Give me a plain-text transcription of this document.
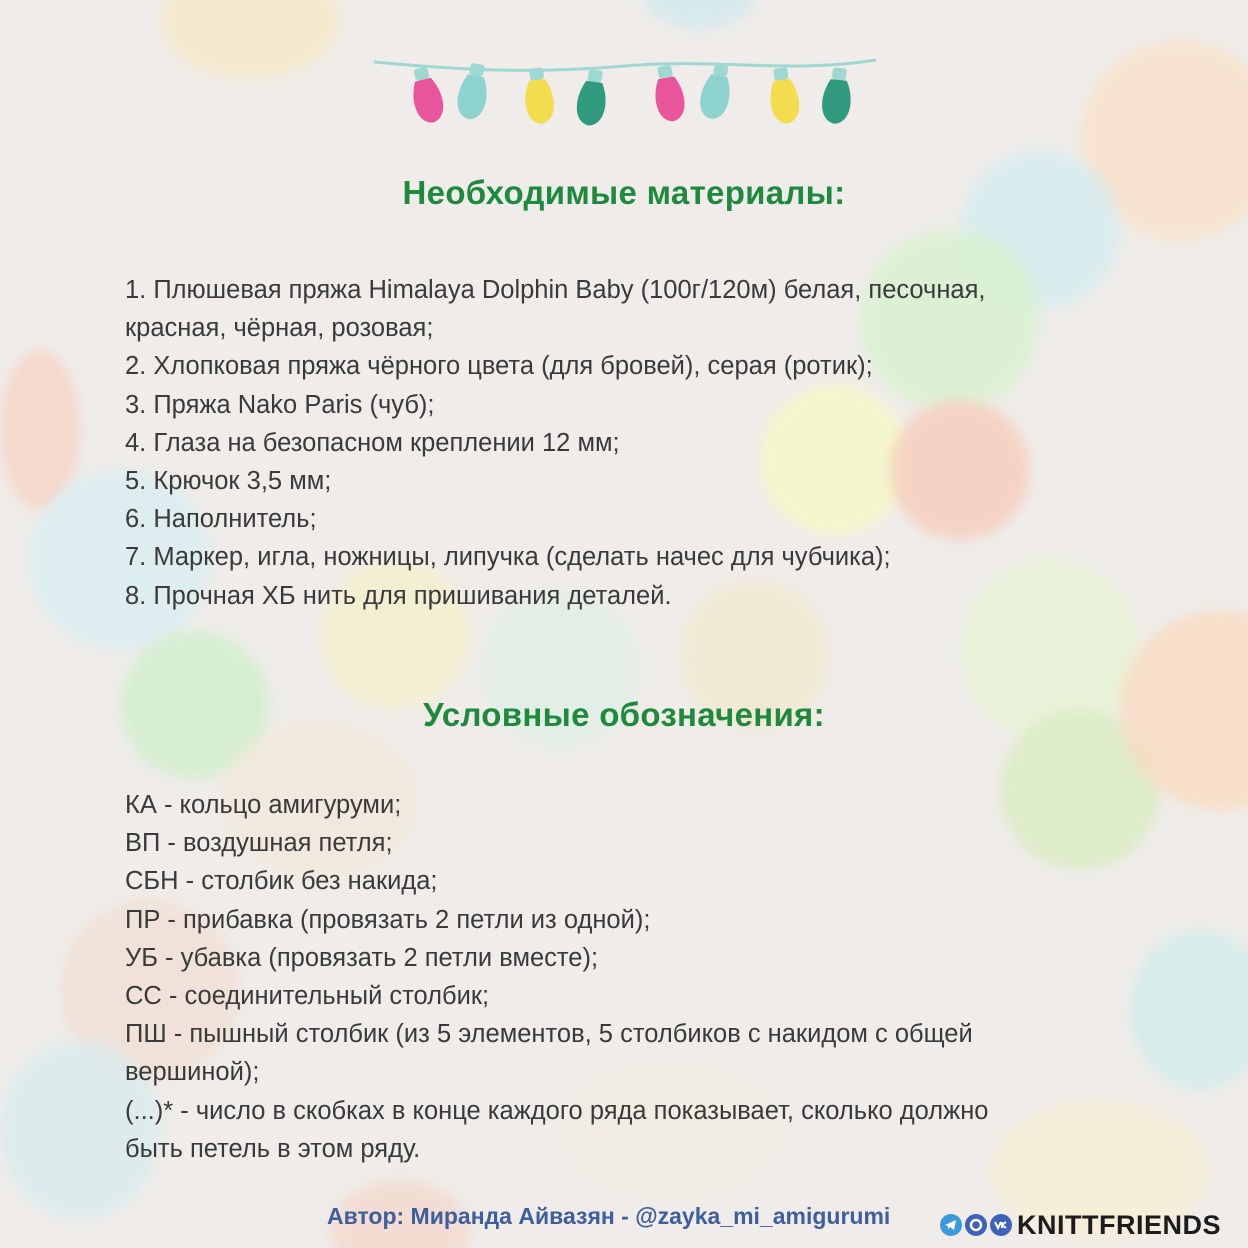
Необходимые материалы:
1. Плюшевая пряжа Himalaya Dolphin Baby (100г/120м) белая, песочная,
красная, чёрная, розовая;
2. Хлопковая пряжа чёрного цвета (для бровей), серая (ротик);
3. Пряжа Nako Paris (чуб);
4. Глаза на безопасном креплении 12 мм;
5. Крючок 3,5 мм;
6. Наполнитель;
7. Маркер, игла, ножницы, липучка (сделать начес для чубчика);
8. Прочная ХБ нить для пришивания деталей.
Условные обозначения:
КА - кольцо амигуруми;
ВП - воздушная петля;
СБН - столбик без накида;
ПР - прибавка (провязать 2 петли из одной);
УБ - убавка (провязать 2 петли вместе);
СС - соединительный столбик;
ПШ - пышный столбик (из 5 элементов, 5 столбиков с накидом с общей
вершиной);
(...)* - число в скобках в конце каждого ряда показывает, сколько должно
быть петель в этом ряду.
Автор: Миранда Айвазян - @zayka_mi_amigurumi	KNITTFRIENDS
